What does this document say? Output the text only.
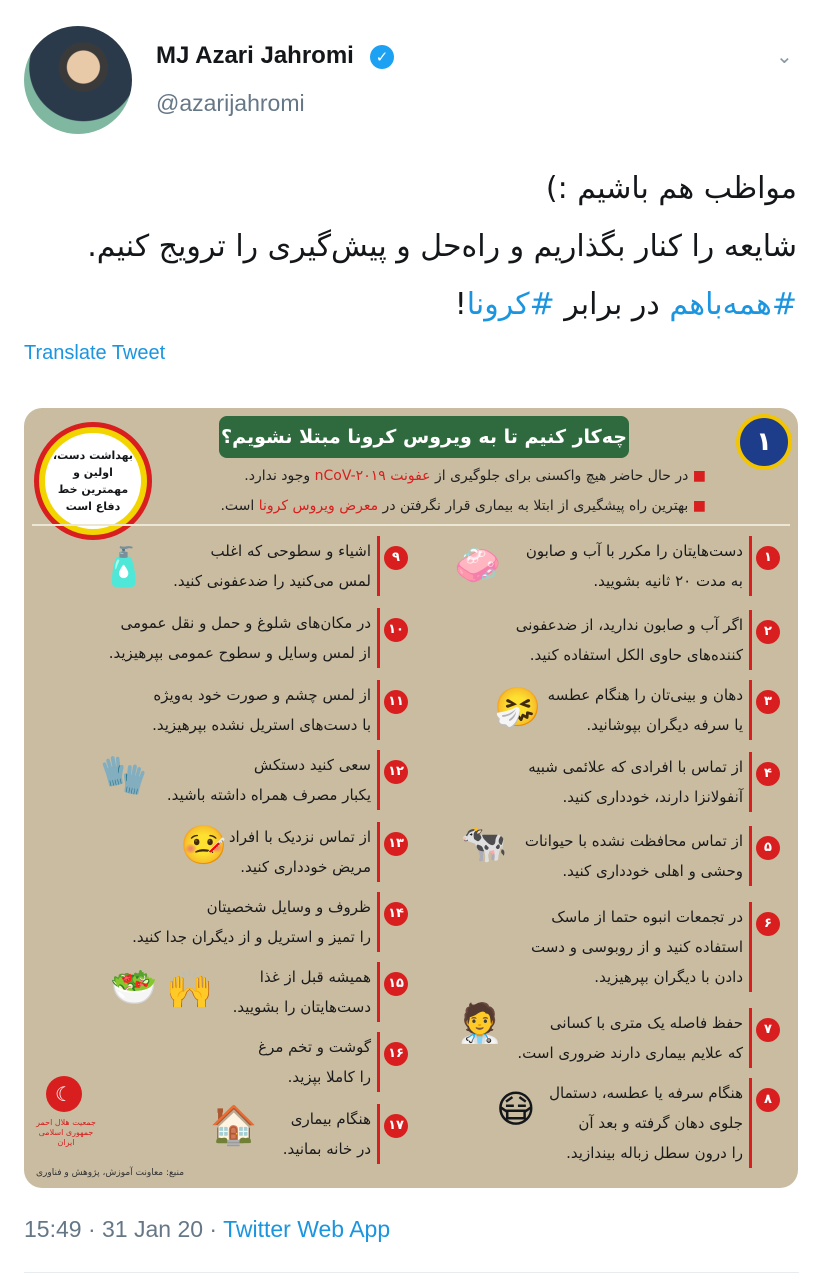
MJ Azari Jahromi	✓
@azarijahromi
⌄
مواظب هم باشیم :)
شایعه را کنار بگذاریم و راه‌حل و پیش‌گیری را ترویج کنیم.
#همه‌باهم در برابر #کرونا!
Translate Tweet
بهداشت دست، اولین و مهمترین خط دفاع است
چه‌کار کنیم تا به ویروس کرونا مبتلا نشویم؟	۱
■ در حال حاضر هیچ واکسنی برای جلوگیری از عفونت nCoV-۲۰۱۹ وجود ندارد.
■ بهترین راه پیشگیری از ابتلا به بیماری قرار نگرفتن در معرض ویروس کرونا است.
۱
دست‌هایتان را مکرر با آب و صابون
به مدت ۲۰ ثانیه بشویید.
۲
اگر آب و صابون ندارید، از ضدعفونی
کننده‌های حاوی الکل استفاده کنید.
۳
دهان و بینی‌تان را هنگام عطسه
یا سرفه دیگران بپوشانید.
۴
از تماس با افرادی که علائمی شبیه
آنفولانزا دارند، خودداری کنید.
۵
از تماس محافظت نشده با حیوانات
وحشی و اهلی خودداری کنید.
۶
در تجمعات انبوه حتما از ماسک
استفاده کنید و از روبوسی و دست
دادن با دیگران بپرهیزید.
۷
حفظ فاصله یک متری با کسانی
که علایم بیماری دارند ضروری است.
۸
هنگام سرفه یا عطسه، دستمال
جلوی دهان گرفته و بعد آن
را درون سطل زباله بیندازید.
۹
اشیاء و سطوحی که اغلب
لمس می‌کنید را ضدعفونی کنید.
۱۰
در مکان‌های شلوغ و حمل و نقل عمومی
از لمس وسایل و سطوح عمومی بپرهیزید.
۱۱
از لمس چشم و صورت خود به‌ویژه
با دست‌های استریل نشده بپرهیزید.
۱۲
سعی کنید دستکش
یکبار مصرف همراه داشته باشید.
۱۳
از تماس نزدیک با افراد
مریض خودداری کنید.
۱۴
ظروف و وسایل شخصیتان
را تمیز و استریل و از دیگران جدا کنید.
۱۵
همیشه قبل از غذا
دست‌هایتان را بشویید.
۱۶
گوشت و تخم مرغ
را کاملا بپزید.
۱۷
هنگام بیماری
در خانه بمانید.
🧼
🤧
🐄
🧑‍⚕️
😷
🧴
🧤
🤒
🥗 🙌
🏠
☾
جمعیت هلال احمر جمهوری اسلامی ایران
منبع: معاونت آموزش، پژوهش و فناوری
15:49 · 31 Jan 20 · Twitter Web App
